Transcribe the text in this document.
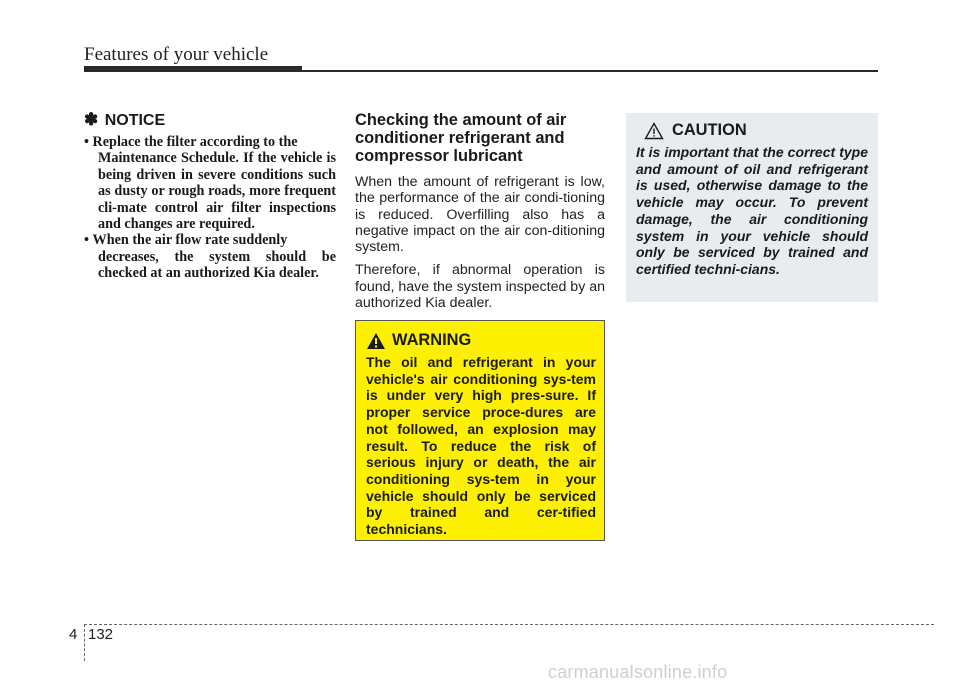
Features of your vehicle
✽ NOTICE
• Replace the filter according to the
Maintenance Schedule. If the vehicle is being driven in severe conditions such as dusty or rough roads, more frequent cli-mate control air filter inspections and changes are required.
• When the air flow rate suddenly
decreases, the system should be checked at an authorized Kia dealer.
Checking the amount of air conditioner refrigerant and compressor lubricant

When the amount of refrigerant is low, the performance of the air condi-tioning is reduced. Overfilling also has a negative impact on the air con-ditioning system.

Therefore, if abnormal operation is found, have the system inspected by an authorized Kia dealer.

WARNING

The oil and refrigerant in your vehicle's air conditioning sys-tem is under very high pres-sure. If proper service proce-dures are not followed, an explosion may result. To reduce the risk of serious injury or death, the air conditioning sys-tem in your vehicle should only be serviced by trained and cer-tified technicians.

CAUTION

It is important that the correct type and amount of oil and refrigerant is used, otherwise damage to the vehicle may occur. To prevent damage, the air conditioning system in your vehicle should only be serviced by trained and certified techni-cians.

4 132
carmanualsonline.info
